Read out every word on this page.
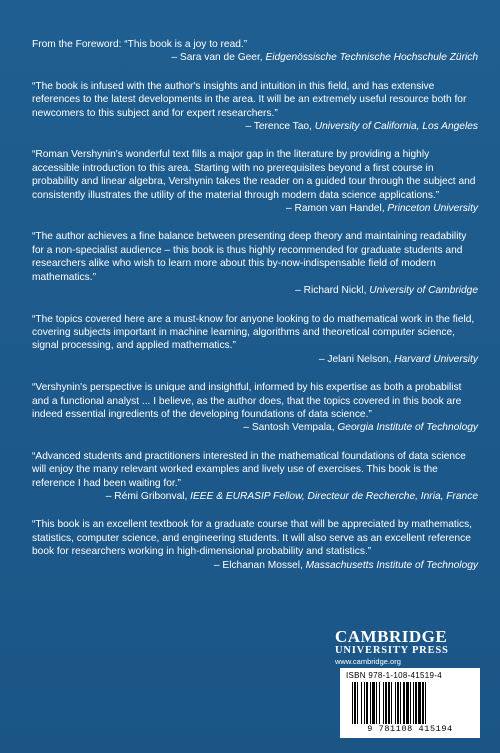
From the Foreword: “This book is a joy to read.”
– Sara van de Geer, Eidgenössische Technische Hochschule Zürich

“The book is infused with the author's insights and intuition in this field, and has extensive references to the latest developments in the area. It will be an extremely useful resource both for newcomers to this subject and for expert researchers.”

– Terence Tao, University of California, Los Angeles

“Roman Vershynin's wonderful text fills a major gap in the literature by providing a highly accessible introduction to this area. Starting with no prerequisites beyond a first course in probability and linear algebra, Vershynin takes the reader on a guided tour through the subject and consistently illustrates the utility of the material through modern data science applications.”

– Ramon van Handel, Princeton University

“The author achieves a fine balance between presenting deep theory and maintaining readability for a non-specialist audience – this book is thus highly recommended for graduate students and researchers alike who wish to learn more about this by-now-indispensable field of modern mathematics.”

– Richard Nickl, University of Cambridge

“The topics covered here are a must-know for anyone looking to do mathematical work in the field, covering subjects important in machine learning, algorithms and theoretical computer science, signal processing, and applied mathematics.”

– Jelani Nelson, Harvard University

“Vershynin's perspective is unique and insightful, informed by his expertise as both a probabilist and a functional analyst ... I believe, as the author does, that the topics covered in this book are indeed essential ingredients of the developing foundations of data science.”

– Santosh Vempala, Georgia Institute of Technology

“Advanced students and practitioners interested in the mathematical foundations of data science will enjoy the many relevant worked examples and lively use of exercises. This book is the reference I had been waiting for.”

– Rémi Gribonval, IEEE & EURASIP Fellow, Directeur de Recherche, Inria, France

“This book is an excellent textbook for a graduate course that will be appreciated by mathematics, statistics, computer science, and engineering students. It will also serve as an excellent reference book for researchers working in high-dimensional probability and statistics.”

– Elchanan Mossel, Massachusetts Institute of Technology
CAMBRIDGE
UNIVERSITY PRESS
www.cambridge.org
ISBN 978-1-108-41519-4
9 781108 415194
